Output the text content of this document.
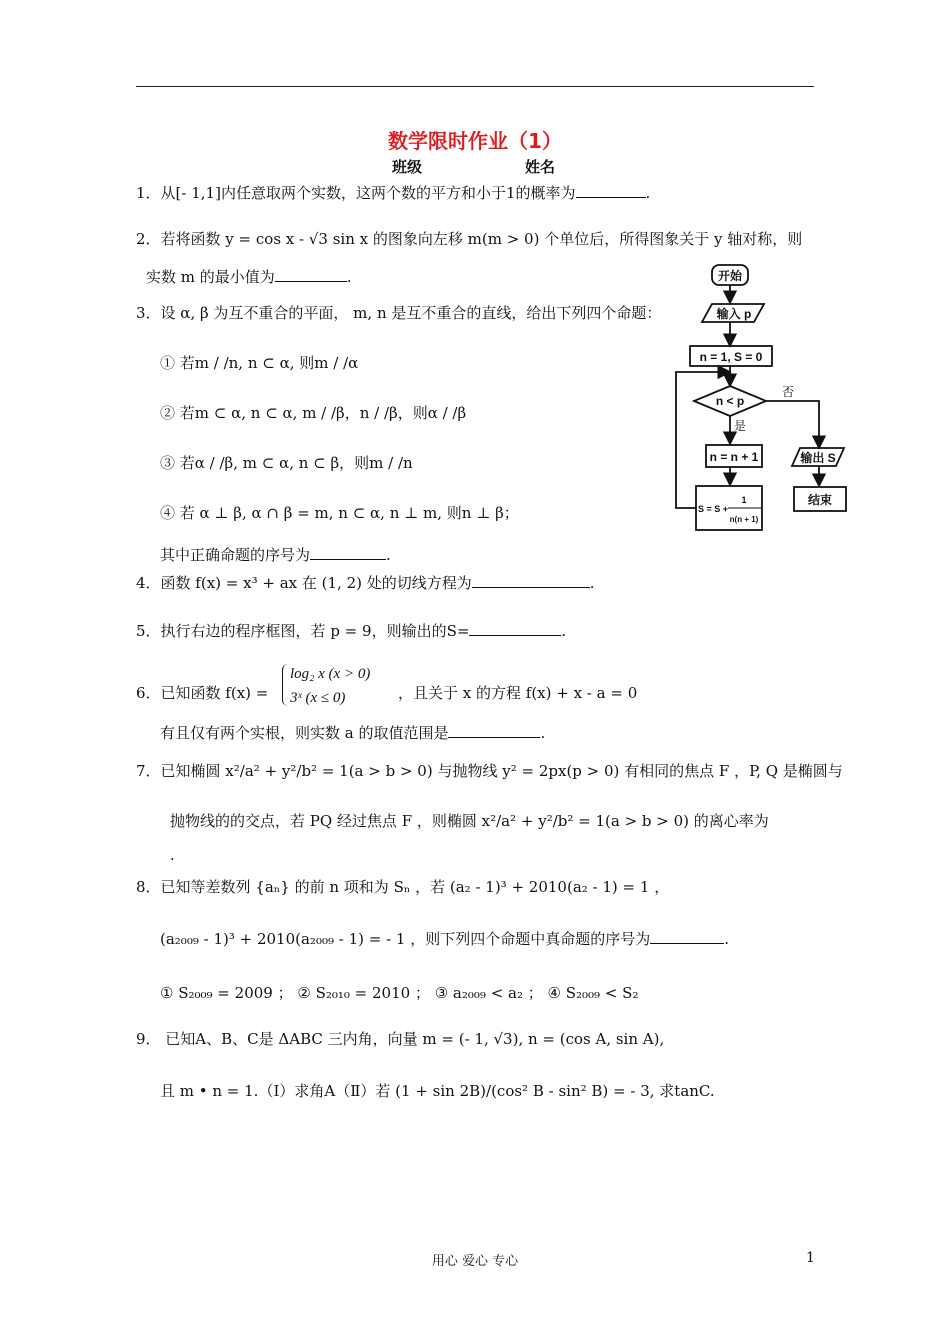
数学限时作业（1）
班级	姓名
1．从[- 1,1]内任意取两个实数，这两个数的平方和小于1的概率为	.
2．若将函数 y = cos x - √3 sin x 的图象向左移 m(m > 0) 个单位后，所得图象关于 y 轴对称，则
实数 m 的最小值为	.
3．设 α, β 为互不重合的平面， m, n 是互不重合的直线，给出下列四个命题：
① 若m / /n, n ⊂ α, 则m / /α
② 若m ⊂ α, n ⊂ α, m / /β，n / /β，则α / /β
③ 若α / /β, m ⊂ α, n ⊂ β，则m / /n
④ 若 α ⊥ β, α ∩ β = m, n ⊂ α, n ⊥ m, 则n ⊥ β；
其中正确命题的序号为	.
4．函数 f(x) = x³ + ax 在 (1, 2) 处的切线方程为	.
5．执行右边的程序框图，若 p = 9，则输出的S=	.
6．已知函数 f(x) =
log₂ x (x > 0)
3ˣ (x ≤ 0)	，且关于 x 的方程 f(x) + x - a = 0
有且仅有两个实根，则实数 a 的取值范围是	.
7．已知椭圆 x²/a² + y²/b² = 1(a > b > 0) 与抛物线 y² = 2px(p > 0) 有相同的焦点 F ，P, Q 是椭圆与
抛物线的的交点，若 PQ 经过焦点 F ，则椭圆 x²/a² + y²/b² = 1(a > b > 0) 的离心率为
.
8．已知等差数列 {aₙ} 的前 n 项和为 Sₙ ，若 (a₂ - 1)³ + 2010(a₂ - 1) = 1 ，
(a₂₀₀₉ - 1)³ + 2010(a₂₀₀₉ - 1) = - 1 ，则下列四个命题中真命题的序号为	.
① S₂₀₀₉ = 2009 ； ② S₂₀₁₀ = 2010 ； ③ a₂₀₀₉ < a₂ ； ④ S₂₀₀₉ < S₂
9． 已知A、B、C是 ΔABC 三内角，向量 m = (- 1, √3), n = (cos A, sin A),
且 m • n = 1.（Ⅰ）求角A（Ⅱ）若 (1 + sin 2B)/(cos² B - sin² B) = - 3, 求tanC.
开始
输入 p
n = 1, S = 0
n < p
否
是
n = n + 1	输出 S
结束
S = S +
1
n(n + 1)
用心 爱心 专心	1
